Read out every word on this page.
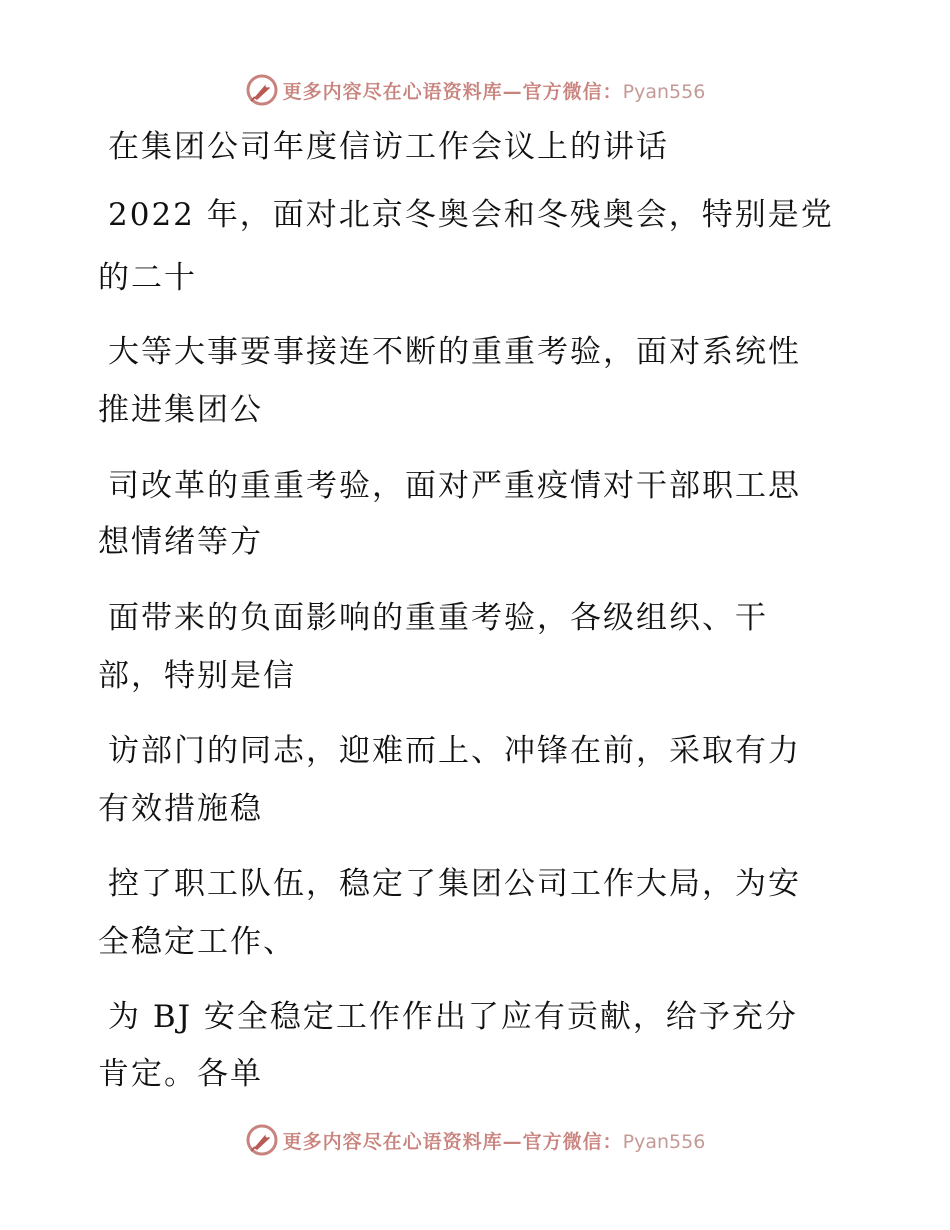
更多内容尽在心语资料库—官方微信：Pyan556
在集团公司年度信访工作会议上的讲话
2022 年，面对北京冬奥会和冬残奥会，特别是党
的二十
大等大事要事接连不断的重重考验，面对系统性
推进集团公
司改革的重重考验，面对严重疫情对干部职工思
想情绪等方
面带来的负面影响的重重考验，各级组织、干
部，特别是信
访部门的同志，迎难而上、冲锋在前，采取有力
有效措施稳
控了职工队伍，稳定了集团公司工作大局，为安
全稳定工作、
为 BJ 安全稳定工作作出了应有贡献，给予充分
肯定。各单
更多内容尽在心语资料库—官方微信：Pyan556
